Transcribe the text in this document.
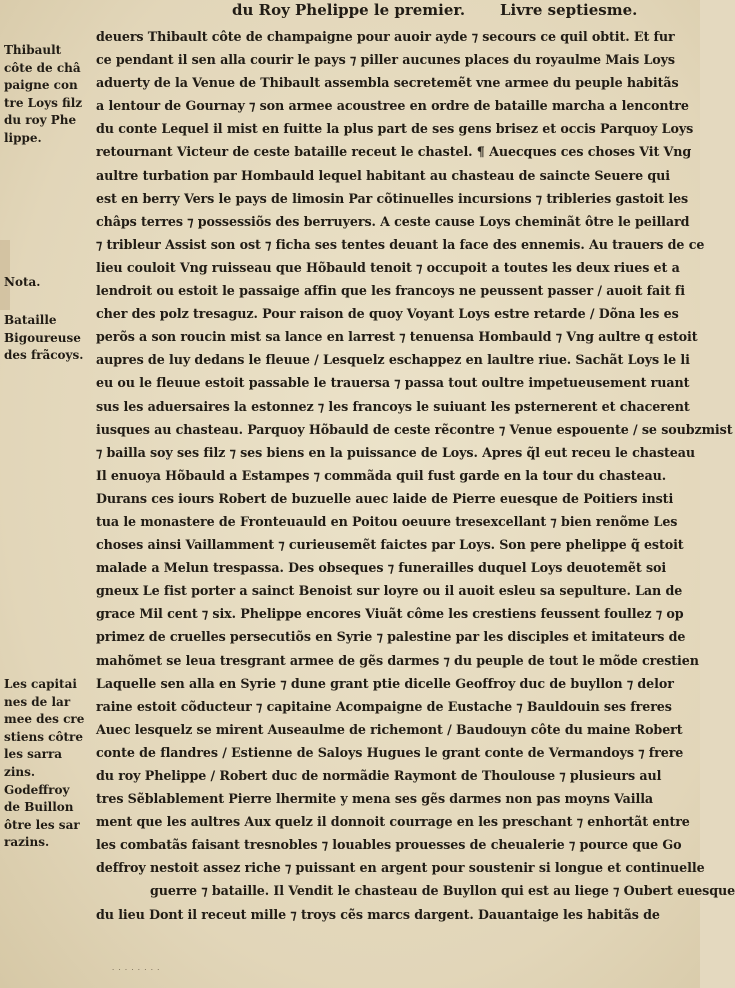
du Roy Phelippe le premier. Livre septiesme.
Thibault
côte de châ
paigne con
tre Loys filz
du roy Phe
lippe.
Nota.
Bataille
Bigoureuse
des frãcoys.
Les capitai
nes de lar
mee des cre
stiens côtre
les sarra
zins.
Godeffroy
de Buillon
ôtre les sar
razins.
deuers Thibault côte de champaigne pour auoir ayde ⁊ secours ce quil obtit. Et fur
ce pendant il sen alla courir le pays ⁊ piller aucunes places du royaulme Mais Loys
aduerty de la Venue de Thibault assembla secretemẽt vne armee du peuple habitãs
a lentour de Gournay ⁊ son armee acoustree en ordre de bataille marcha a lencontre
du conte Lequel il mist en fuitte la plus part de ses gens brisez et occis Parquoy Loys
retournant Victeur de ceste bataille receut le chastel. ¶ Auecques ces choses Vit Vng
aultre turbation par Hombauld lequel habitant au chasteau de saincte Seuere qui
est en berry Vers le pays de limosin Par cõtinuelles incursions ⁊ tribleries gastoit les
châps terres ⁊ possessiõs des berruyers. A ceste cause Loys cheminãt ôtre le peillard
⁊ tribleur Assist son ost ⁊ ficha ses tentes deuant la face des ennemis. Au trauers de ce
lieu couloit Vng ruisseau que Hõbauld tenoit ⁊ occupoit a toutes les deux riues et a
lendroit ou estoit le passaige affin que les francoys ne peussent passer / auoit fait fi
cher des polz tresaguz. Pour raison de quoy Voyant Loys estre retarde / Dõna les es
perõs a son roucin mist sa lance en larrest ⁊ tenuensa Hombauld ⁊ Vng aultre q estoit
aupres de luy dedans le fleuue / Lesquelz eschappez en laultre riue. Sachãt Loys le li
eu ou le fleuue estoit passable le trauersa ⁊ passa tout oultre impetueusement ruant
sus les aduersaires la estonnez ⁊ les francoys le suiuant les psternerent et chacerent
iusques au chasteau. Parquoy Hõbauld de ceste rẽcontre ⁊ Venue espouente / se soubzmist
⁊ bailla soy ses filz ⁊ ses biens en la puissance de Loys. Apres q̃l eut receu le chasteau
Il enuoya Hõbauld a Estampes ⁊ commãda quil fust garde en la tour du chasteau.
Durans ces iours Robert de buzuelle auec laide de Pierre euesque de Poitiers insti
tua le monastere de Fronteuauld en Poitou oeuure tresexcellant ⁊ bien renõme Les
choses ainsi Vaillamment ⁊ curieusemẽt faictes par Loys. Son pere phelippe q̃ estoit
malade a Melun trespassa. Des obseques ⁊ funerailles duquel Loys deuotemẽt soi
gneux Le fist porter a sainct Benoist sur loyre ou il auoit esleu sa sepulture. Lan de
grace Mil cent ⁊ six. Phelippe encores Viuãt côme les crestiens feussent foullez ⁊ op
primez de cruelles persecutiõs en Syrie ⁊ palestine par les disciples et imitateurs de
mahõmet se leua tresgrant armee de gẽs darmes ⁊ du peuple de tout le mõde crestien
Laquelle sen alla en Syrie ⁊ dune grant ptie dicelle Geoffroy duc de buyllon ⁊ delor
raine estoit cõducteur ⁊ capitaine Acompaigne de Eustache ⁊ Bauldouin ses freres
Auec lesquelz se mirent Auseaulme de richemont / Baudouyn côte du maine Robert
conte de flandres / Estienne de Saloys Hugues le grant conte de Vermandoys ⁊ frere
du roy Phelippe / Robert duc de normãdie Raymont de Thoulouse ⁊ plusieurs aul
tres Sẽblablement Pierre lhermite y mena ses gẽs darmes non pas moyns Vailla
ment que les aultres Aux quelz il donnoit courrage en les preschant ⁊ enhortãt entre
les combatãs faisant tresnobles ⁊ louables prouesses de cheualerie ⁊ pource que Go
deffroy nestoit assez riche ⁊ puissant en argent pour soustenir si longue et continuelle
guerre ⁊ bataille. Il Vendit le chasteau de Buyllon qui est au liege ⁊ Oubert euesque
du lieu Dont il receut mille ⁊ troys cẽs marcs dargent. Dauantaige les habitãs de
· · · · · · · ·
